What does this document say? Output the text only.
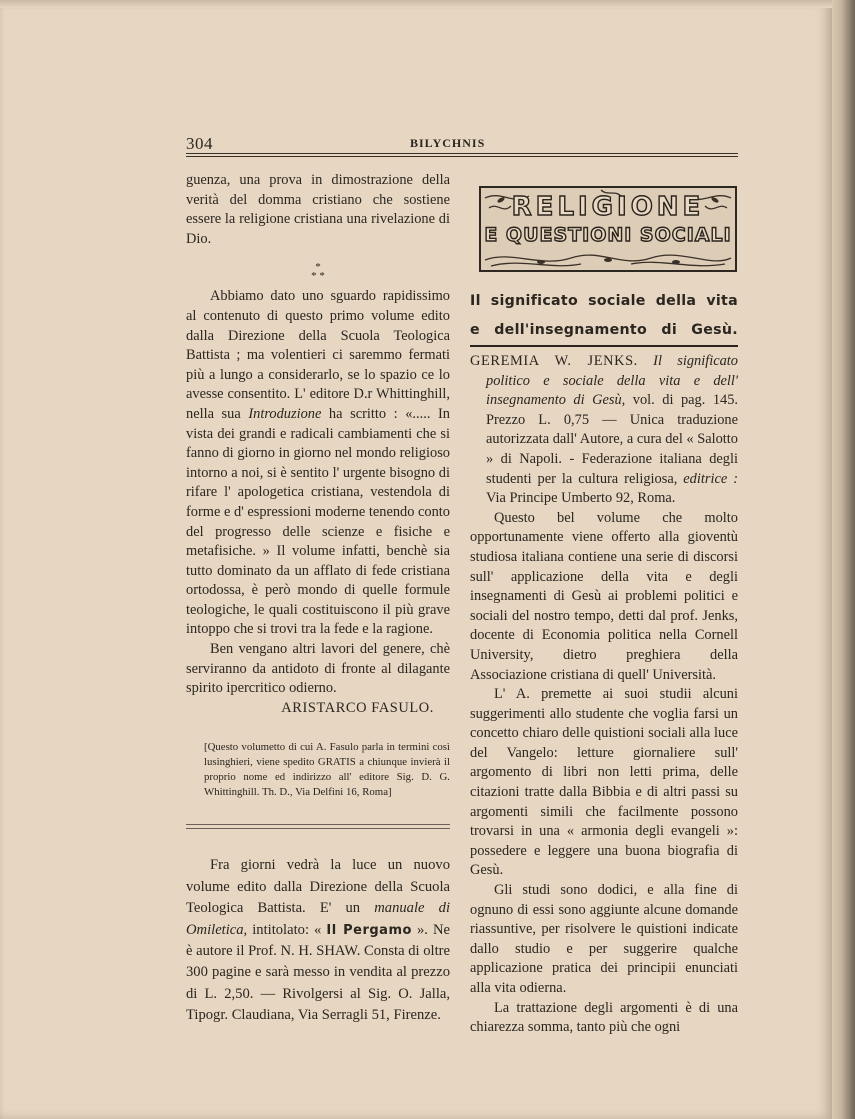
304	BILYCHNIS

guenza, una prova in dimostrazione della verità del domma cristiano che sostiene essere la religione cristiana una rivelazione di Dio.

*
* *

Abbiamo dato uno sguardo rapidissimo al contenuto di questo primo volume edito dalla Direzione della Scuola Teologica Battista ; ma volentieri ci saremmo fermati più a lungo a considerarlo, se lo spazio ce lo avesse consentito. L' editore D.r Whittinghill, nella sua Introduzione ha scritto : «..... In vista dei grandi e radicali cambiamenti che si fanno di giorno in giorno nel mondo religioso intorno a noi, si è sentito l' urgente bisogno di rifare l' apologetica cristiana, vestendola di forme e d' espressioni moderne tenendo conto del progresso delle scienze e fisiche e metafisiche. » Il volume infatti, benchè sia tutto dominato da un afflato di fede cristiana ortodossa, è però mondo di quelle formule teologiche, le quali costituiscono il più grave intoppo che si trovi tra la fede e la ragione.

Ben vengano altri lavori del genere, chè serviranno da antidoto di fronte al dilagante spirito ipercritico odierno.

ARISTARCO FASULO.

[Questo volumetto di cui A. Fasulo parla in termini così lusinghieri, viene spedito GRATIS a chiunque invierà il proprio nome ed indirizzo all' editore Sig. D. G. Whittinghill. Th. D., Via Delfini 16, Roma]

Fra giorni vedrà la luce un nuovo volume edito dalla Direzione della Scuola Teologica Battista. E' un manuale di Omiletica, intitolato: « Il Pergamo ». Ne è autore il Prof. N. H. SHAW. Consta di oltre 300 pagine e sarà messo in vendita al prezzo di L. 2,50. — Rivolgersi al Sig. O. Jalla, Tipogr. Claudiana, Via Serragli 51, Firenze.

RELIGIONE
E QUESTIONI SOCIALI
Il significato sociale della vita
e dell'insegnamento di Gesù.

GEREMIA W. JENKS. Il significato politico e sociale della vita e dell' insegnamento di Gesù, vol. di pag. 145. Prezzo L. 0,75 — Unica traduzione autorizzata dall' Autore, a cura del « Salotto » di Napoli. - Federazione italiana degli studenti per la cultura religiosa, editrice : Via Principe Umberto 92, Roma.

Questo bel volume che molto opportunamente viene offerto alla gioventù studiosa italiana contiene una serie di discorsi sull' applicazione della vita e degli insegnamenti di Gesù ai problemi politici e sociali del nostro tempo, detti dal prof. Jenks, docente di Economia politica nella Cornell University, dietro preghiera della Associazione cristiana di quell' Università.

L' A. premette ai suoi studii alcuni suggerimenti allo studente che voglia farsi un concetto chiaro delle quistioni sociali alla luce del Vangelo: letture giornaliere sull' argomento di libri non letti prima, delle citazioni tratte dalla Bibbia e di altri passi su argomenti simili che facilmente possono trovarsi in una « armonia degli evangeli »: possedere e leggere una buona biografia di Gesù.

Gli studi sono dodici, e alla fine di ognuno di essi sono aggiunte alcune domande riassuntive, per risolvere le quistioni indicate dallo studio e per suggerire qualche applicazione pratica dei principii enunciati alla vita odierna.

La trattazione degli argomenti è di una chiarezza somma, tanto più che ogni
